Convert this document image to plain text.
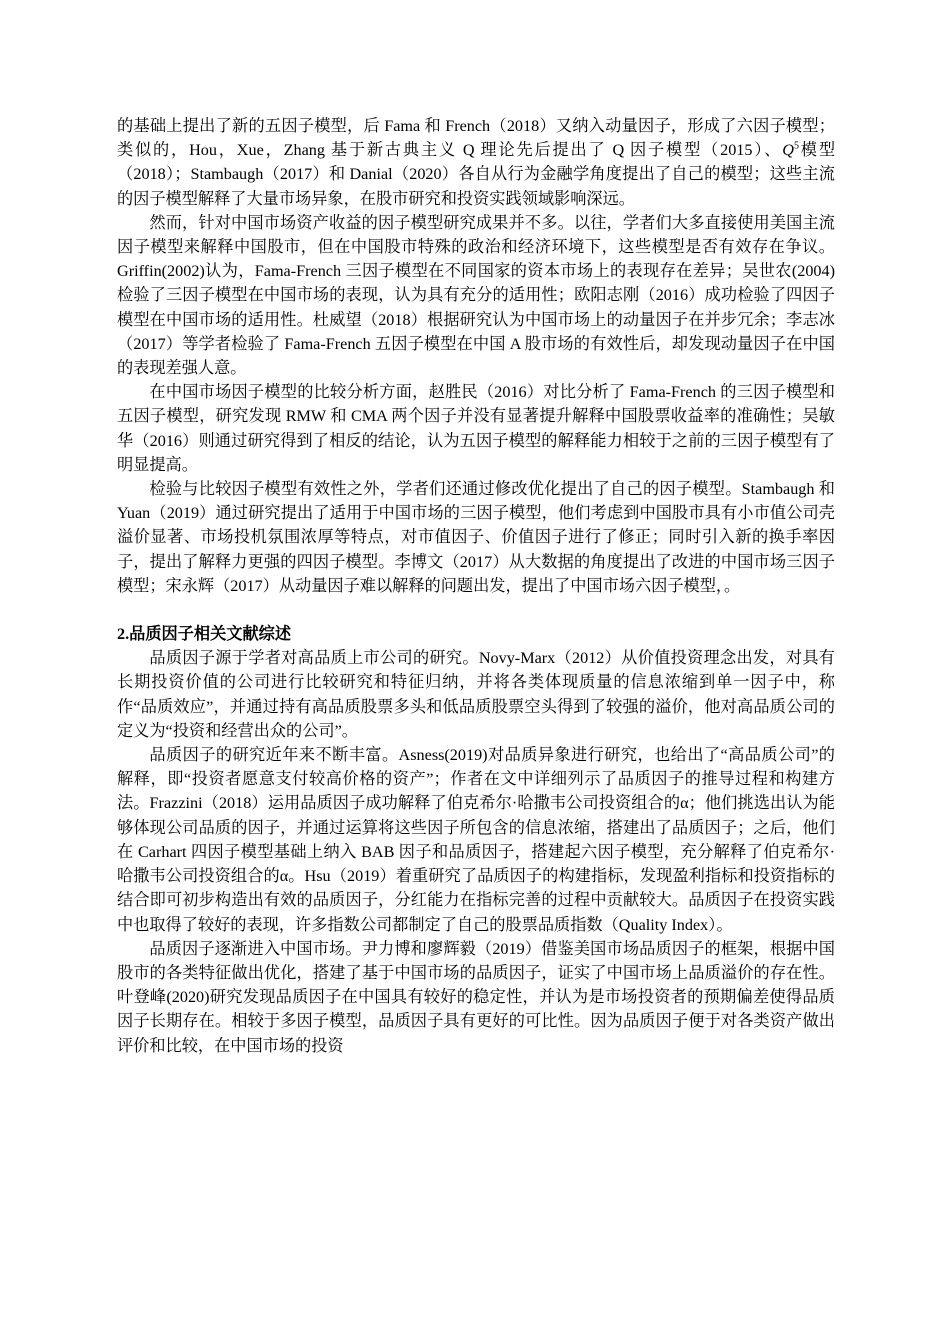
的基础上提出了新的五因子模型，后 Fama 和 French（2018）又纳入动量因子，形成了六因子模型；类似的，Hou，Xue，Zhang 基于新古典主义 Q 理论先后提出了 Q 因子模型（2015）、$Q^5$模型（2018）；Stambaugh（2017）和 Danial（2020）各自从行为金融学角度提出了自己的模型；这些主流的因子模型解释了大量市场异象，在股市研究和投资实践领域影响深远。

然而，针对中国市场资产收益的因子模型研究成果并不多。以往，学者们大多直接使用美国主流因子模型来解释中国股市，但在中国股市特殊的政治和经济环境下，这些模型是否有效存在争议。Griffin(2002)认为，Fama-French 三因子模型在不同国家的资本市场上的表现存在差异；吴世农(2004)检验了三因子模型在中国市场的表现，认为具有充分的适用性；欧阳志刚（2016）成功检验了四因子模型在中国市场的适用性。杜威望（2018）根据研究认为中国市场上的动量因子在并步冗余；李志冰（2017）等学者检验了 Fama-French 五因子模型在中国 A 股市场的有效性后，却发现动量因子在中国的表现差强人意。

在中国市场因子模型的比较分析方面，赵胜民（2016）对比分析了 Fama-French 的三因子模型和五因子模型，研究发现 RMW 和 CMA 两个因子并没有显著提升解释中国股票收益率的准确性；吴敏华（2016）则通过研究得到了相反的结论，认为五因子模型的解释能力相较于之前的三因子模型有了明显提高。

检验与比较因子模型有效性之外，学者们还通过修改优化提出了自己的因子模型。Stambaugh 和 Yuan（2019）通过研究提出了适用于中国市场的三因子模型，他们考虑到中国股市具有小市值公司壳溢价显著、市场投机氛围浓厚等特点，对市值因子、价值因子进行了修正；同时引入新的换手率因子，提出了解释力更强的四因子模型。李博文（2017）从大数据的角度提出了改进的中国市场三因子模型；宋永辉（2017）从动量因子难以解释的问题出发，提出了中国市场六因子模型，。

2.品质因子相关文献综述

品质因子源于学者对高品质上市公司的研究。Novy-Marx（2012）从价值投资理念出发，对具有长期投资价值的公司进行比较研究和特征归纳，并将各类体现质量的信息浓缩到单一因子中，称作“品质效应”，并通过持有高品质股票多头和低品质股票空头得到了较强的溢价，他对高品质公司的定义为“投资和经营出众的公司”。

品质因子的研究近年来不断丰富。Asness(2019)对品质异象进行研究，也给出了“高品质公司”的解释，即“投资者愿意支付较高价格的资产”；作者在文中详细列示了品质因子的推导过程和构建方法。Frazzini（2018）运用品质因子成功解释了伯克希尔·哈撒韦公司投资组合的α；他们挑选出认为能够体现公司品质的因子，并通过运算将这些因子所包含的信息浓缩，搭建出了品质因子；之后，他们在 Carhart 四因子模型基础上纳入 BAB 因子和品质因子，搭建起六因子模型，充分解释了伯克希尔·哈撒韦公司投资组合的α。Hsu（2019）着重研究了品质因子的构建指标，发现盈利指标和投资指标的结合即可初步构造出有效的品质因子，分红能力在指标完善的过程中贡献较大。品质因子在投资实践中也取得了较好的表现，许多指数公司都制定了自己的股票品质指数（Quality Index）。

品质因子逐渐进入中国市场。尹力博和廖辉毅（2019）借鉴美国市场品质因子的框架，根据中国股市的各类特征做出优化，搭建了基于中国市场的品质因子，证实了中国市场上品质溢价的存在性。叶登峰(2020)研究发现品质因子在中国具有较好的稳定性，并认为是市场投资者的预期偏差使得品质因子长期存在。相较于多因子模型，品质因子具有更好的可比性。因为品质因子便于对各类资产做出评价和比较，在中国市场的投资
